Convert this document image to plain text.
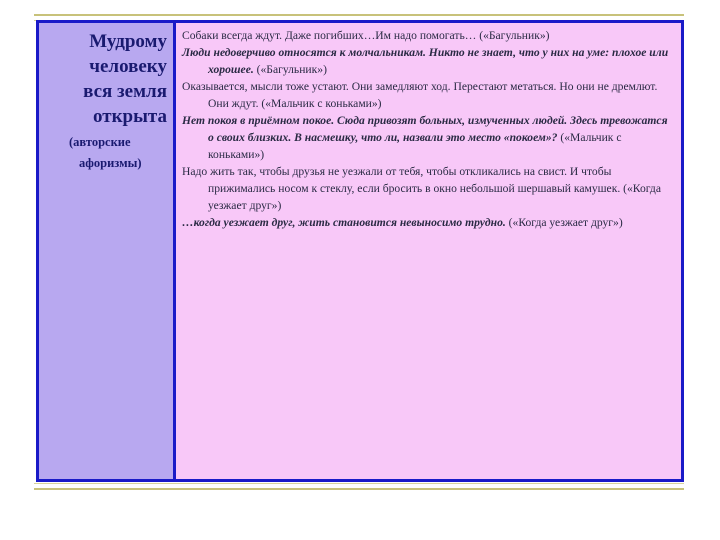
Мудрому
человеку
вся земля
открыта
(авторские
афоризмы)

Собаки всегда ждут. Даже погибших…Им надо помогать… («Багульник»)

Люди недоверчиво относятся к молчальникам. Никто не знает, что у них на уме: плохое или хорошее. («Багульник»)

Оказывается, мысли тоже устают. Они замедляют ход. Перестают метаться. Но они не дремлют. Они ждут. («Мальчик с коньками»)

Нет покоя в приёмном покое. Сюда привозят больных, измученных людей. Здесь тревожатся о своих близких. В насмешку, что ли, назвали это место «покоем»? («Мальчик с коньками»)

Надо жить так, чтобы друзья не уезжали от тебя, чтобы откликались на свист. И чтобы прижимались носом к стеклу, если бросить в окно небольшой шершавый камушек. («Когда уезжает друг»)

…когда уезжает друг, жить становится невыносимо трудно. («Когда уезжает друг»)
